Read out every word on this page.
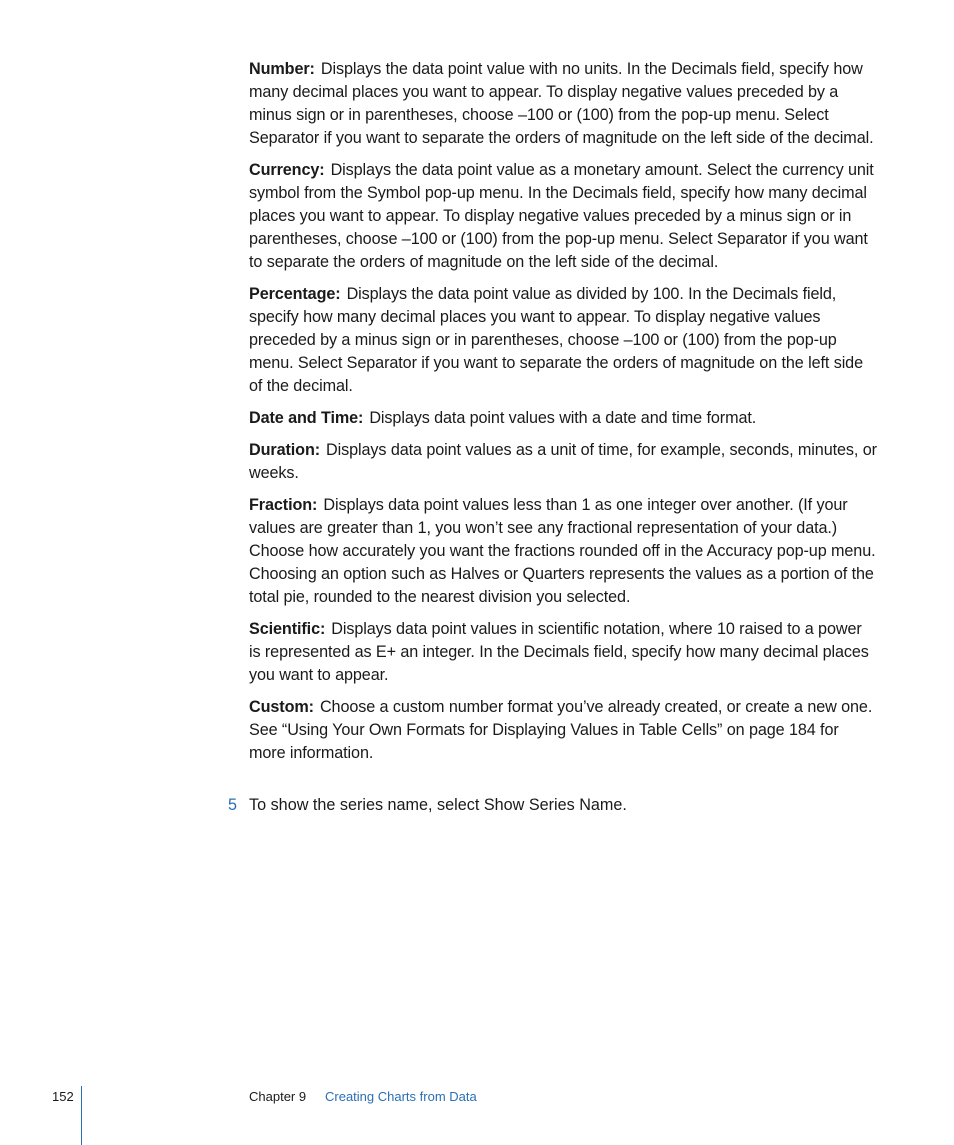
Number: Displays the data point value with no units. In the Decimals field, specify how many decimal places you want to appear. To display negative values preceded by a minus sign or in parentheses, choose –100 or (100) from the pop-up menu. Select Separator if you want to separate the orders of magnitude on the left side of the decimal.

Currency: Displays the data point value as a monetary amount. Select the currency unit symbol from the Symbol pop-up menu. In the Decimals field, specify how many decimal places you want to appear. To display negative values preceded by a minus sign or in parentheses, choose –100 or (100) from the pop-up menu. Select Separator if you want to separate the orders of magnitude on the left side of the decimal.

Percentage: Displays the data point value as divided by 100. In the Decimals field, specify how many decimal places you want to appear. To display negative values preceded by a minus sign or in parentheses, choose –100 or (100) from the pop-up menu. Select Separator if you want to separate the orders of magnitude on the left side of the decimal.

Date and Time: Displays data point values with a date and time format.

Duration: Displays data point values as a unit of time, for example, seconds, minutes, or weeks.

Fraction: Displays data point values less than 1 as one integer over another. (If your values are greater than 1, you won’t see any fractional representation of your data.) Choose how accurately you want the fractions rounded off in the Accuracy pop-up menu. Choosing an option such as Halves or Quarters represents the values as a portion of the total pie, rounded to the nearest division you selected.

Scientific: Displays data point values in scientific notation, where 10 raised to a power is represented as E+ an integer. In the Decimals field, specify how many decimal places you want to appear.

Custom: Choose a custom number format you’ve already created, or create a new one. See “Using Your Own Formats for Displaying Values in Table Cells” on page 184 for more information.

5 To show the series name, select Show Series Name.
152	Chapter 9 Creating Charts from Data
